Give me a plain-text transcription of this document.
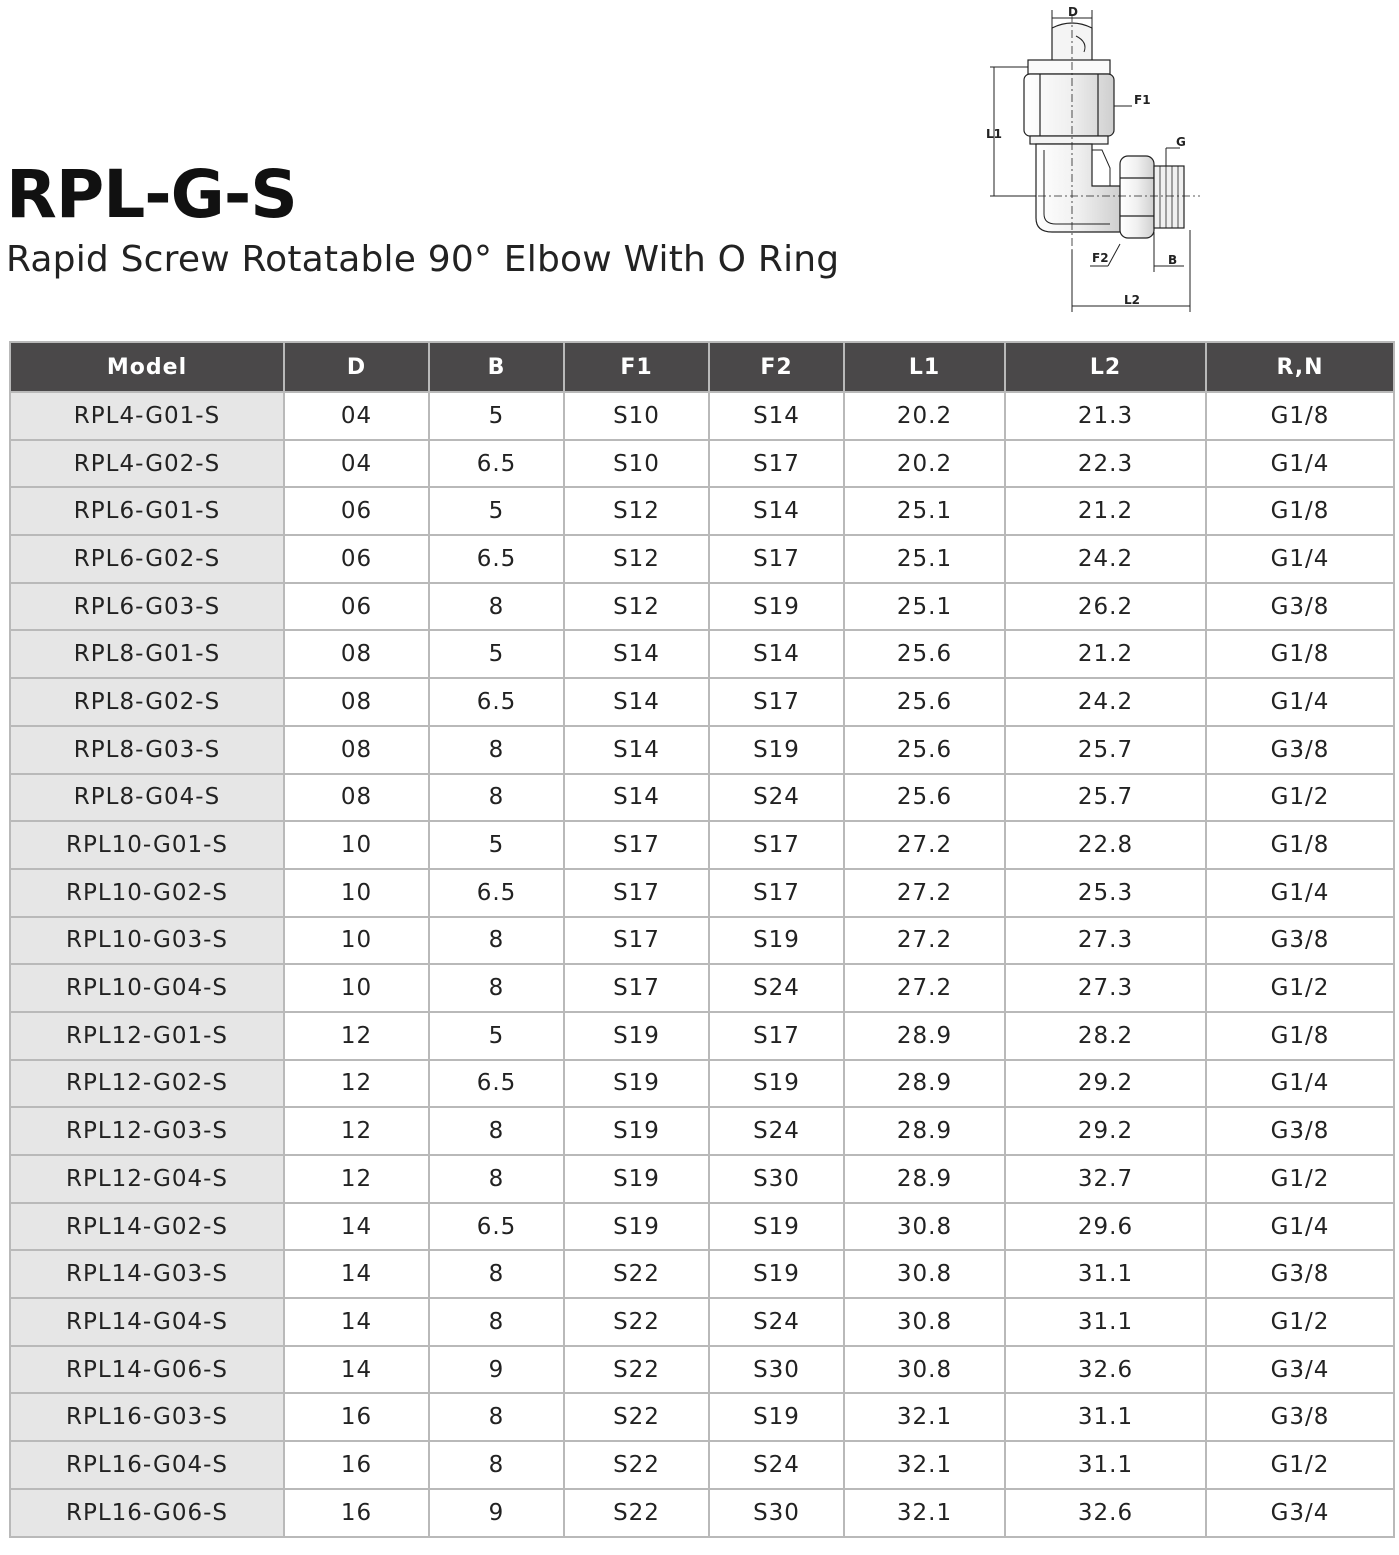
RPL-G-S
Rapid Screw Rotatable 90° Elbow With O Ring
D
F1
L1
G
F2	B
L2
Model	D	B	F1	F2	L1	L2	R,N
RPL4-G01-S	04	5	S10	S14	20.2	21.3	G1/8
RPL4-G02-S	04	6.5	S10	S17	20.2	22.3	G1/4
RPL6-G01-S	06	5	S12	S14	25.1	21.2	G1/8
RPL6-G02-S	06	6.5	S12	S17	25.1	24.2	G1/4
RPL6-G03-S	06	8	S12	S19	25.1	26.2	G3/8
RPL8-G01-S	08	5	S14	S14	25.6	21.2	G1/8
RPL8-G02-S	08	6.5	S14	S17	25.6	24.2	G1/4
RPL8-G03-S	08	8	S14	S19	25.6	25.7	G3/8
RPL8-G04-S	08	8	S14	S24	25.6	25.7	G1/2
RPL10-G01-S	10	5	S17	S17	27.2	22.8	G1/8
RPL10-G02-S	10	6.5	S17	S17	27.2	25.3	G1/4
RPL10-G03-S	10	8	S17	S19	27.2	27.3	G3/8
RPL10-G04-S	10	8	S17	S24	27.2	27.3	G1/2
RPL12-G01-S	12	5	S19	S17	28.9	28.2	G1/8
RPL12-G02-S	12	6.5	S19	S19	28.9	29.2	G1/4
RPL12-G03-S	12	8	S19	S24	28.9	29.2	G3/8
RPL12-G04-S	12	8	S19	S30	28.9	32.7	G1/2
RPL14-G02-S	14	6.5	S19	S19	30.8	29.6	G1/4
RPL14-G03-S	14	8	S22	S19	30.8	31.1	G3/8
RPL14-G04-S	14	8	S22	S24	30.8	31.1	G1/2
RPL14-G06-S	14	9	S22	S30	30.8	32.6	G3/4
RPL16-G03-S	16	8	S22	S19	32.1	31.1	G3/8
RPL16-G04-S	16	8	S22	S24	32.1	31.1	G1/2
RPL16-G06-S	16	9	S22	S30	32.1	32.6	G3/4
